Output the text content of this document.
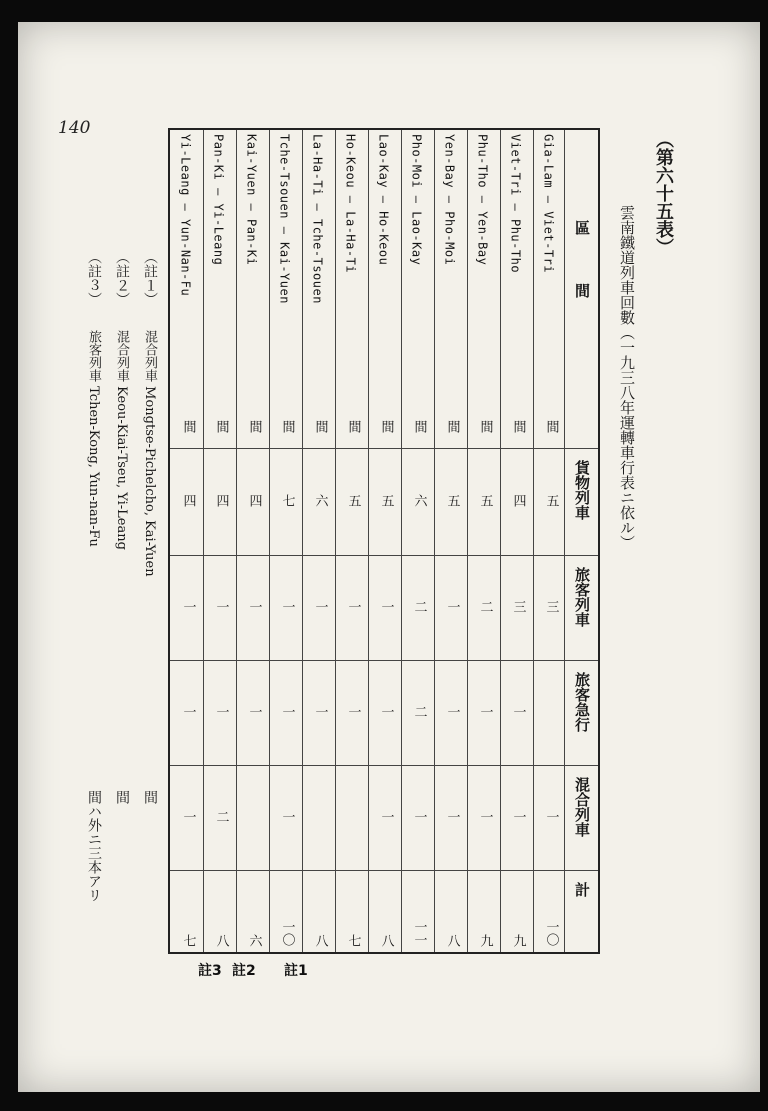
140
（第六十五表）
雲南鐵道列車回數（一九三八年運轉車行表ニ依ル）
區　　間
貨物列車
旅客列車
旅客急行
混合列車
計
Gia-Lam — Viet-Tri
間
五
三
一
一〇
Viet-Tri — Phu-Tho
間
四
三
一
一
九
Phu-Tho — Yen-Bay
間
五
二
一
一
九
Yen-Bay — Pho-Moi
間
五
一
一
一
八
Pho-Moi — Lao-Kay
間
六
二
二
一
一一
Lao-Kay — Ho-Keou
間
五
一
一
一
八
Ho-Keou — La-Ha-Ti
間
五
一
一
七
La-Ha-Ti — Tche-Tsouen
間
六
一
一
八
Tche-Tsouen — Kai-Yuen
間
七
一
一
一
一〇
Kai-Yuen — Pan-Ki
間
四
一
一
六
Pan-Ki — Yi-Leang
間
四
一
一
二
八
Yi-Leang — Yun-Nan-Fu
間
四
一
一
一
七
（註１）
混合列車 Mongtse-Pichelcho, Kai-Yuen
間
（註２）
混合列車 Keou-Kiai-Tseu, Yi-Leang
間
（註３）
旅客列車 Tchen-Kong, Yun-nan-Fu
間ハ外ニ三本アリ
註3 註2 註1
